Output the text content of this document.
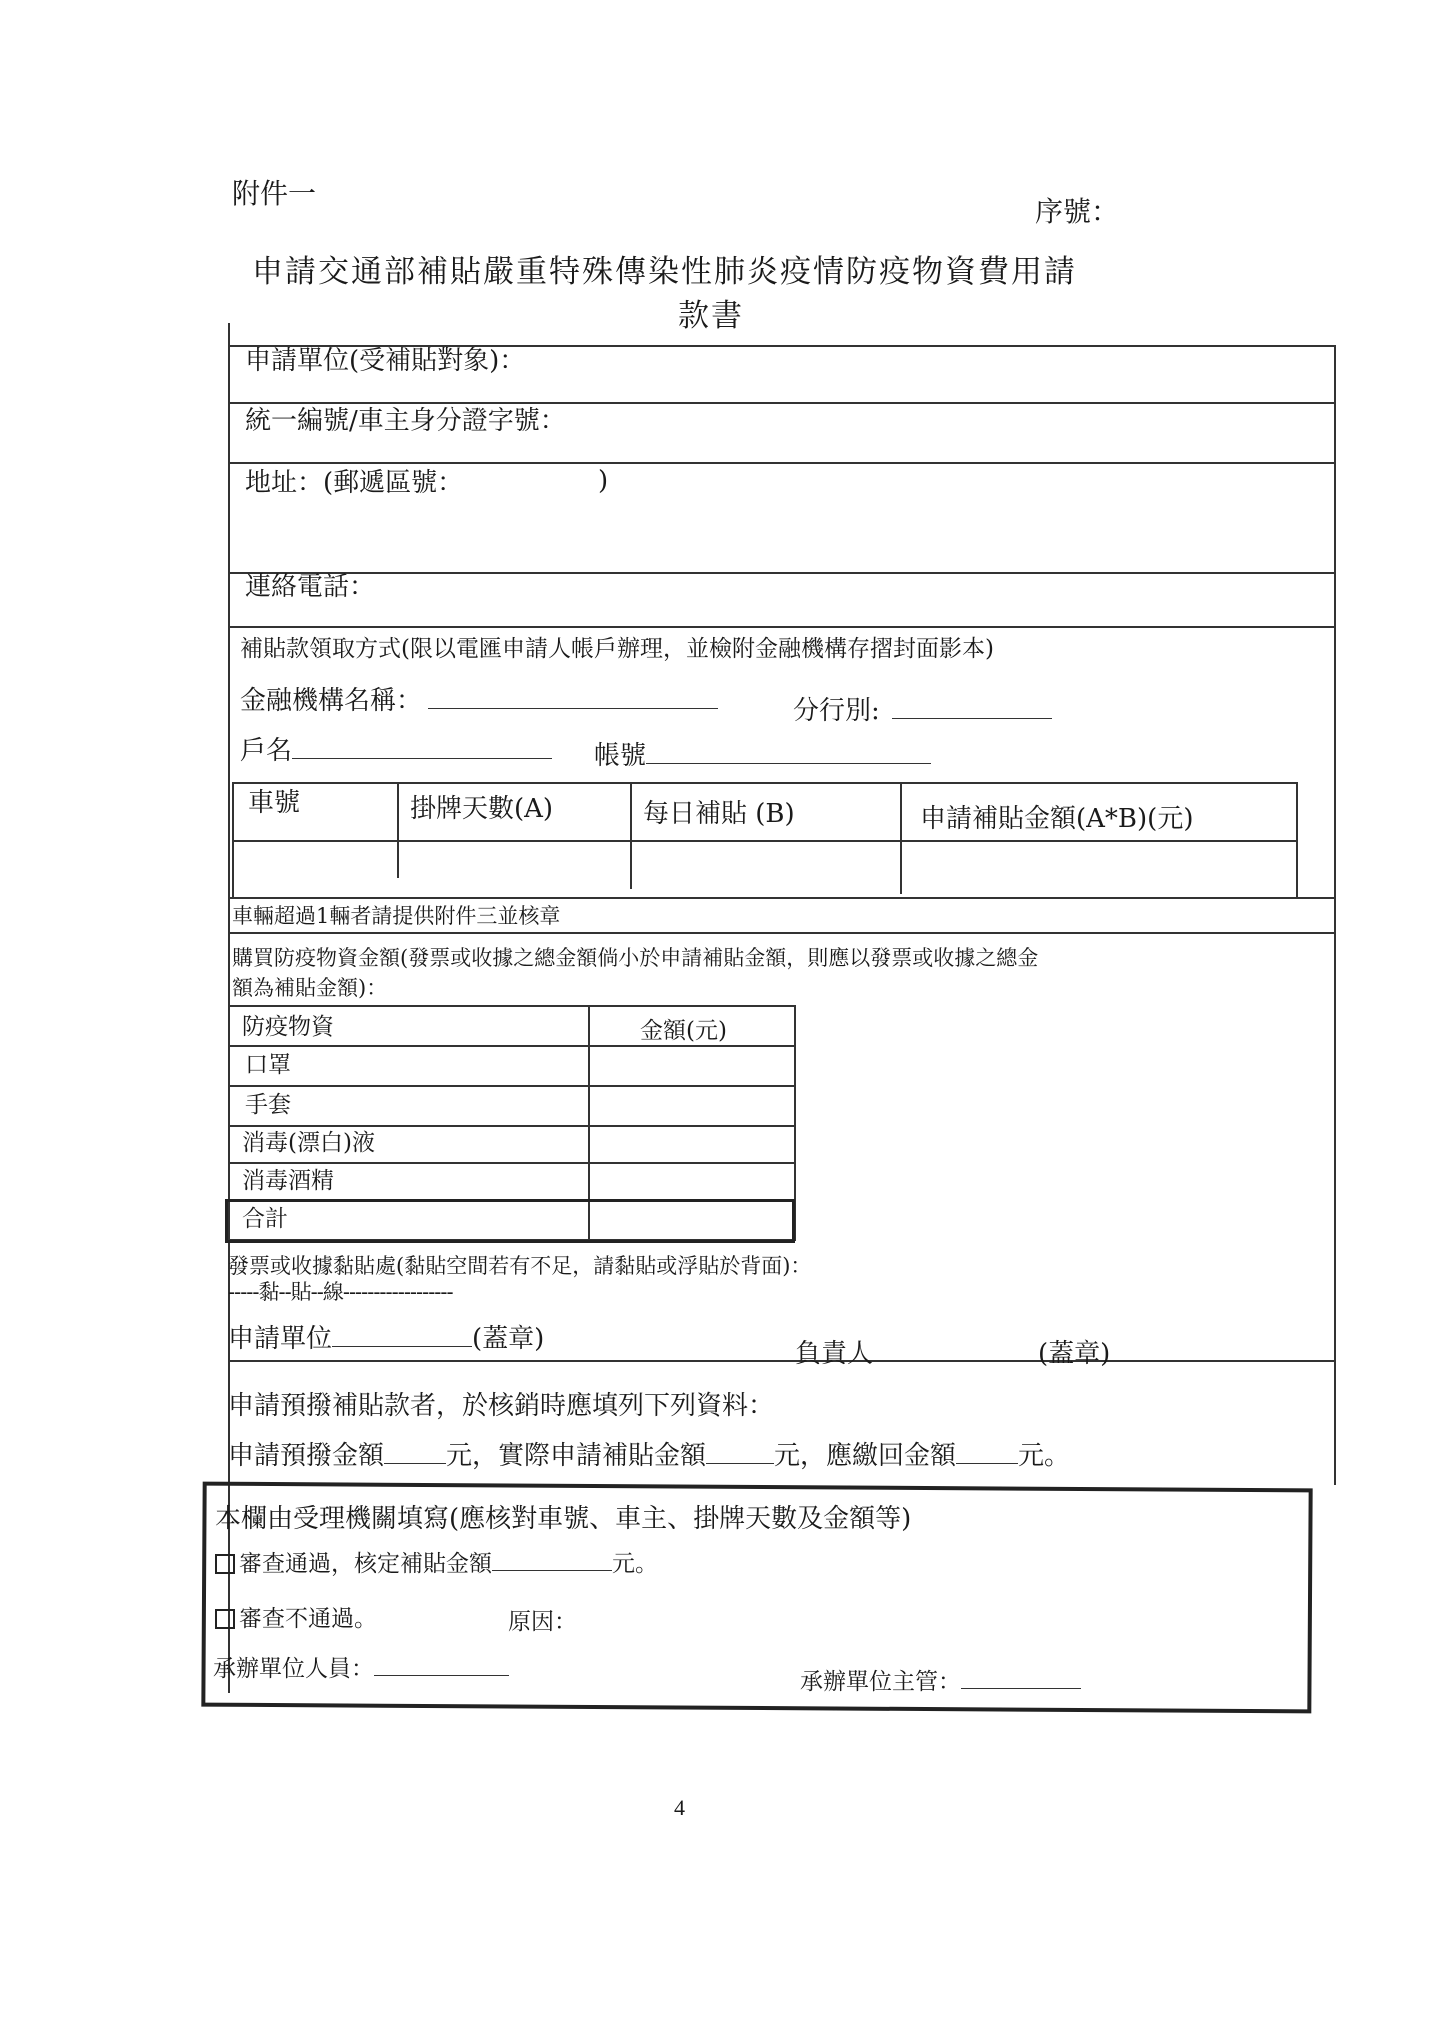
附件一
序號：
申請交通部補貼嚴重特殊傳染性肺炎疫情防疫物資費用請
款書
申請單位(受補貼對象)：
統一編號/車主身分證字號：
地址：(郵遞區號：	)
連絡電話：
補貼款領取方式(限以電匯申請人帳戶辦理，並檢附金融機構存摺封面影本)
金融機構名稱：	分行別:
戶名	帳號
車號	掛牌天數(A)	每日補貼 (B)	申請補貼金額(A*B)(元)
車輛超過1輛者請提供附件三並核章
購買防疫物資金額(發票或收據之總金額倘小於申請補貼金額，則應以發票或收據之總金
額為補貼金額)：
防疫物資	金額(元)
口罩
手套
消毒(漂白)液
消毒酒精
合計
發票或收據黏貼處(黏貼空間若有不足，請黏貼或浮貼於背面)：
-----黏--貼--線------------------
申請單位	(蓋章)	負責人	(蓋章)
申請預撥補貼款者，於核銷時應填列下列資料：
申請預撥金額 元，實際申請補貼金額	元，應繳回金額 元。
本欄由受理機關填寫(應核對車號、車主、掛牌天數及金額等)
審查通過，核定補貼金額	元。
審查不通過。	原因：
承辦單位人員：	承辦單位主管：
4
